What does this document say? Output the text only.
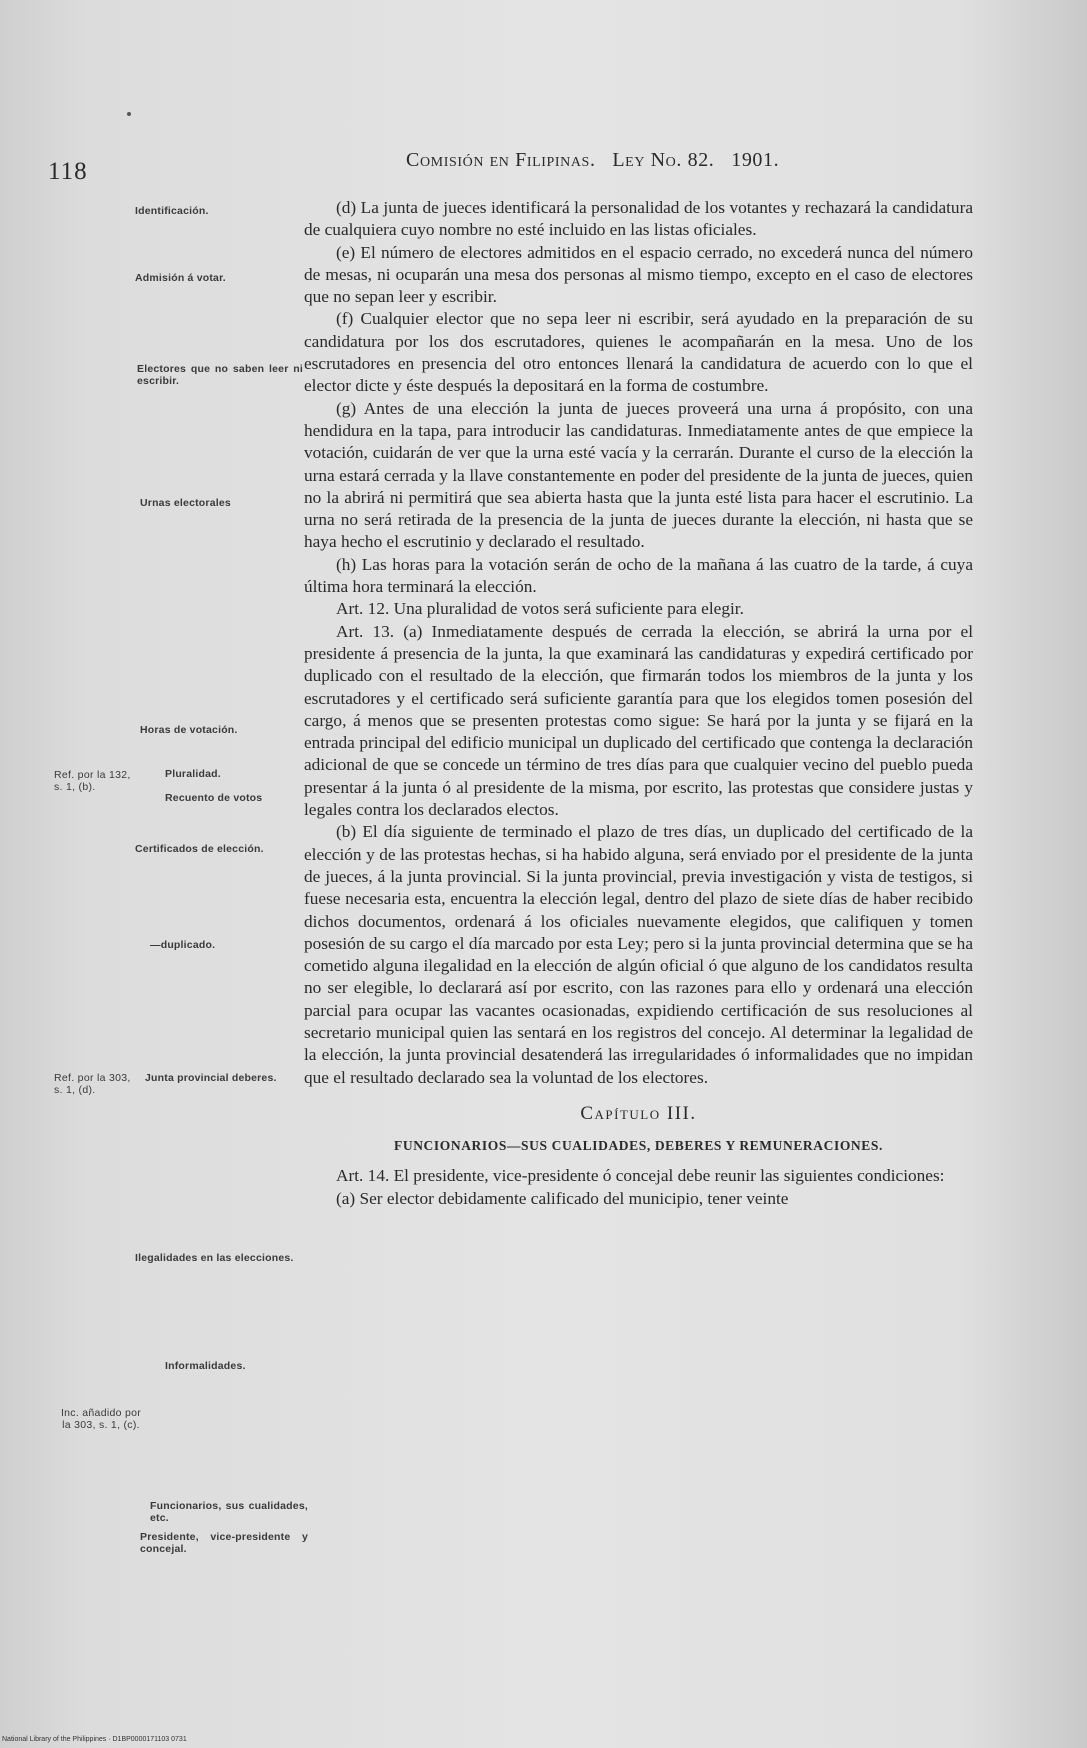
118	Comisión en Filipinas. Ley No. 82. 1901.
Identificación.
Admisión á votar.
Electores que no saben leer ni escribir.
Urnas electorales
Horas de votación.
Pluralidad.
Recuento de votos
Certificados de elección.
—duplicado.
Junta provincial deberes.
Ilegalidades en las elecciones.
Informalidades.
Funcionarios, sus cualidades, etc.
Presidente, vice-presidente y concejal.
Ref. por la 132, s. 1, (b).
Ref. por la 303, s. 1, (d).
Inc. añadido por la 303, s. 1, (c).

(d) La junta de jueces identificará la personalidad de los votantes y rechazará la candidatura de cualquiera cuyo nombre no esté incluido en las listas oficiales.

(e) El número de electores admitidos en el espacio cerrado, no excederá nunca del número de mesas, ni ocuparán una mesa dos personas al mismo tiempo, excepto en el caso de electores que no sepan leer y escribir.

(f) Cualquier elector que no sepa leer ni escribir, será ayudado en la preparación de su candidatura por los dos escrutadores, quienes le acompañarán en la mesa. Uno de los escrutadores en presencia del otro entonces llenará la candidatura de acuerdo con lo que el elector dicte y éste después la depositará en la forma de costumbre.

(g) Antes de una elección la junta de jueces proveerá una urna á propósito, con una hendidura en la tapa, para introducir las candidaturas. Inmediatamente antes de que empiece la votación, cuidarán de ver que la urna esté vacía y la cerrarán. Durante el curso de la elección la urna estará cerrada y la llave constantemente en poder del presidente de la junta de jueces, quien no la abrirá ni permitirá que sea abierta hasta que la junta esté lista para hacer el escrutinio. La urna no será retirada de la presencia de la junta de jueces durante la elección, ni hasta que se haya hecho el escrutinio y declarado el resultado.

(h) Las horas para la votación serán de ocho de la mañana á las cuatro de la tarde, á cuya última hora terminará la elección.

Art. 12. Una pluralidad de votos será suficiente para elegir.

Art. 13. (a) Inmediatamente después de cerrada la elección, se abrirá la urna por el presidente á presencia de la junta, la que examinará las candidaturas y expedirá certificado por duplicado con el resultado de la elección, que firmarán todos los miembros de la junta y los escrutadores y el certificado será suficiente garantía para que los elegidos tomen posesión del cargo, á menos que se presenten protestas como sigue: Se hará por la junta y se fijará en la entrada principal del edificio municipal un duplicado del certificado que contenga la declaración adicional de que se concede un término de tres días para que cualquier vecino del pueblo pueda presentar á la junta ó al presidente de la misma, por escrito, las protestas que considere justas y legales contra los declarados electos.

(b) El día siguiente de terminado el plazo de tres días, un duplicado del certificado de la elección y de las protestas hechas, si ha habido alguna, será enviado por el presidente de la junta de jueces, á la junta provincial. Si la junta provincial, previa investigación y vista de testigos, si fuese necesaria esta, encuentra la elección legal, dentro del plazo de siete días de haber recibido dichos documentos, ordenará á los oficiales nuevamente elegidos, que califiquen y tomen posesión de su cargo el día marcado por esta Ley; pero si la junta provincial determina que se ha cometido alguna ilegalidad en la elección de algún oficial ó que alguno de los candidatos resulta no ser elegible, lo declarará así por escrito, con las razones para ello y ordenará una elección parcial para ocupar las vacantes ocasionadas, expidiendo certificación de sus resoluciones al secretario municipal quien las sentará en los registros del concejo. Al determinar la legalidad de la elección, la junta provincial desatenderá las irregularidades ó informalidades que no impidan que el resultado declarado sea la voluntad de los electores.

Capítulo III.

FUNCIONARIOS—SUS CUALIDADES, DEBERES Y REMUNERACIONES.

Art. 14. El presidente, vice-presidente ó concejal debe reunir las siguientes condiciones:

(a) Ser elector debidamente calificado del municipio, tener veinte

National Library of the Philippines · D1BP0000171103 0731
